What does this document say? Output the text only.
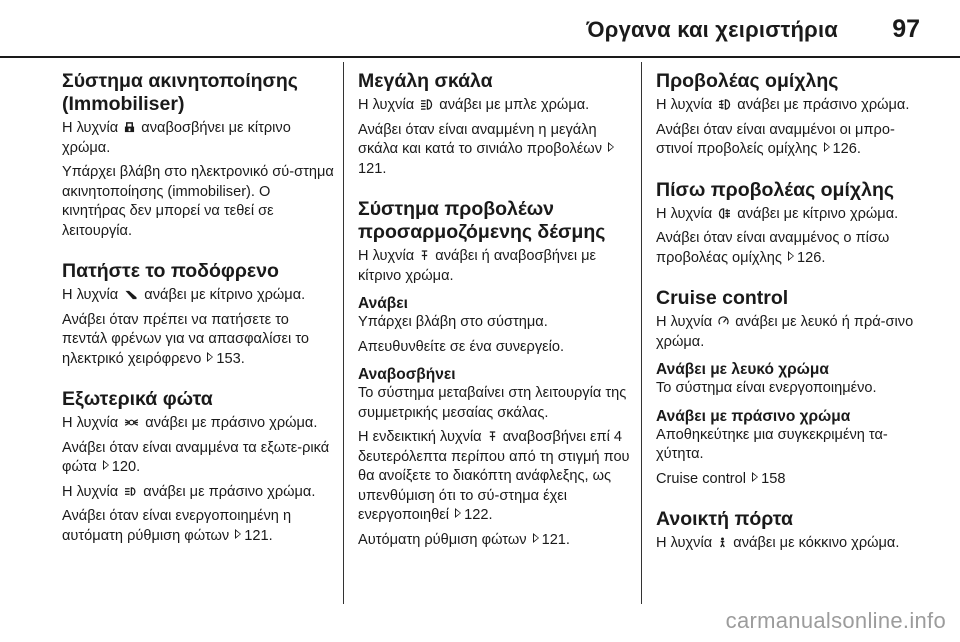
Όργανα και χειριστήρια 97
Σύστημα ακινητοποίησης (Immobiliser)

Η λυχνία αναβοσβήνει με κίτρινο χρώμα.

Υπάρχει βλάβη στο ηλεκτρονικό σύ-στημα ακινητοποίησης (immobiliser). Ο κινητήρας δεν μπορεί να τεθεί σε λειτουργία.

Πατήστε το ποδόφρενο

Η λυχνία ανάβει με κίτρινο χρώμα.

Ανάβει όταν πρέπει να πατήσετε το πεντάλ φρένων για να απασφαλίσει το ηλεκτρικό χειρόφρενο 153.

Εξωτερικά φώτα

Η λυχνία ανάβει με πράσινο χρώμα.

Ανάβει όταν είναι αναμμένα τα εξωτε-ρικά φώτα 120.

Η λυχνία ανάβει με πράσινο χρώμα.

Ανάβει όταν είναι ενεργοποιημένη η αυτόματη ρύθμιση φώτων 121.

Μεγάλη σκάλα

Η λυχνία ανάβει με μπλε χρώμα.

Ανάβει όταν είναι αναμμένη η μεγάλη σκάλα και κατά το σινιάλο προβολέων 121.

Σύστημα προβολέων προσαρμοζόμενης δέσμης

Η λυχνία ανάβει ή αναβοσβήνει με κίτρινο χρώμα.

Ανάβει

Υπάρχει βλάβη στο σύστημα.

Απευθυνθείτε σε ένα συνεργείο.

Αναβοσβήνει

Το σύστημα μεταβαίνει στη λειτουργία της συμμετρικής μεσαίας σκάλας.

Η ενδεικτική λυχνία αναβοσβήνει επί 4 δευτερόλεπτα περίπου από τη στιγμή που θα ανοίξετε το διακόπτη ανάφλεξης, ως υπενθύμιση ότι το σύ-στημα έχει ενεργοποιηθεί 122.

Αυτόματη ρύθμιση φώτων 121.

Προβολέας ομίχλης

Η λυχνία ανάβει με πράσινο χρώμα.

Ανάβει όταν είναι αναμμένοι οι μπρο-στινοί προβολείς ομίχλης 126.

Πίσω προβολέας ομίχλης

Η λυχνία ανάβει με κίτρινο χρώμα.

Ανάβει όταν είναι αναμμένος ο πίσω προβολέας ομίχλης 126.

Cruise control

Η λυχνία ανάβει με λευκό ή πρά-σινο χρώμα.

Ανάβει με λευκό χρώμα

Το σύστημα είναι ενεργοποιημένο.

Ανάβει με πράσινο χρώμα

Αποθηκεύτηκε μια συγκεκριμένη τα-χύτητα.

Cruise control 158

Ανοικτή πόρτα

Η λυχνία ανάβει με κόκκινο χρώμα.

carmanualsonline.info
